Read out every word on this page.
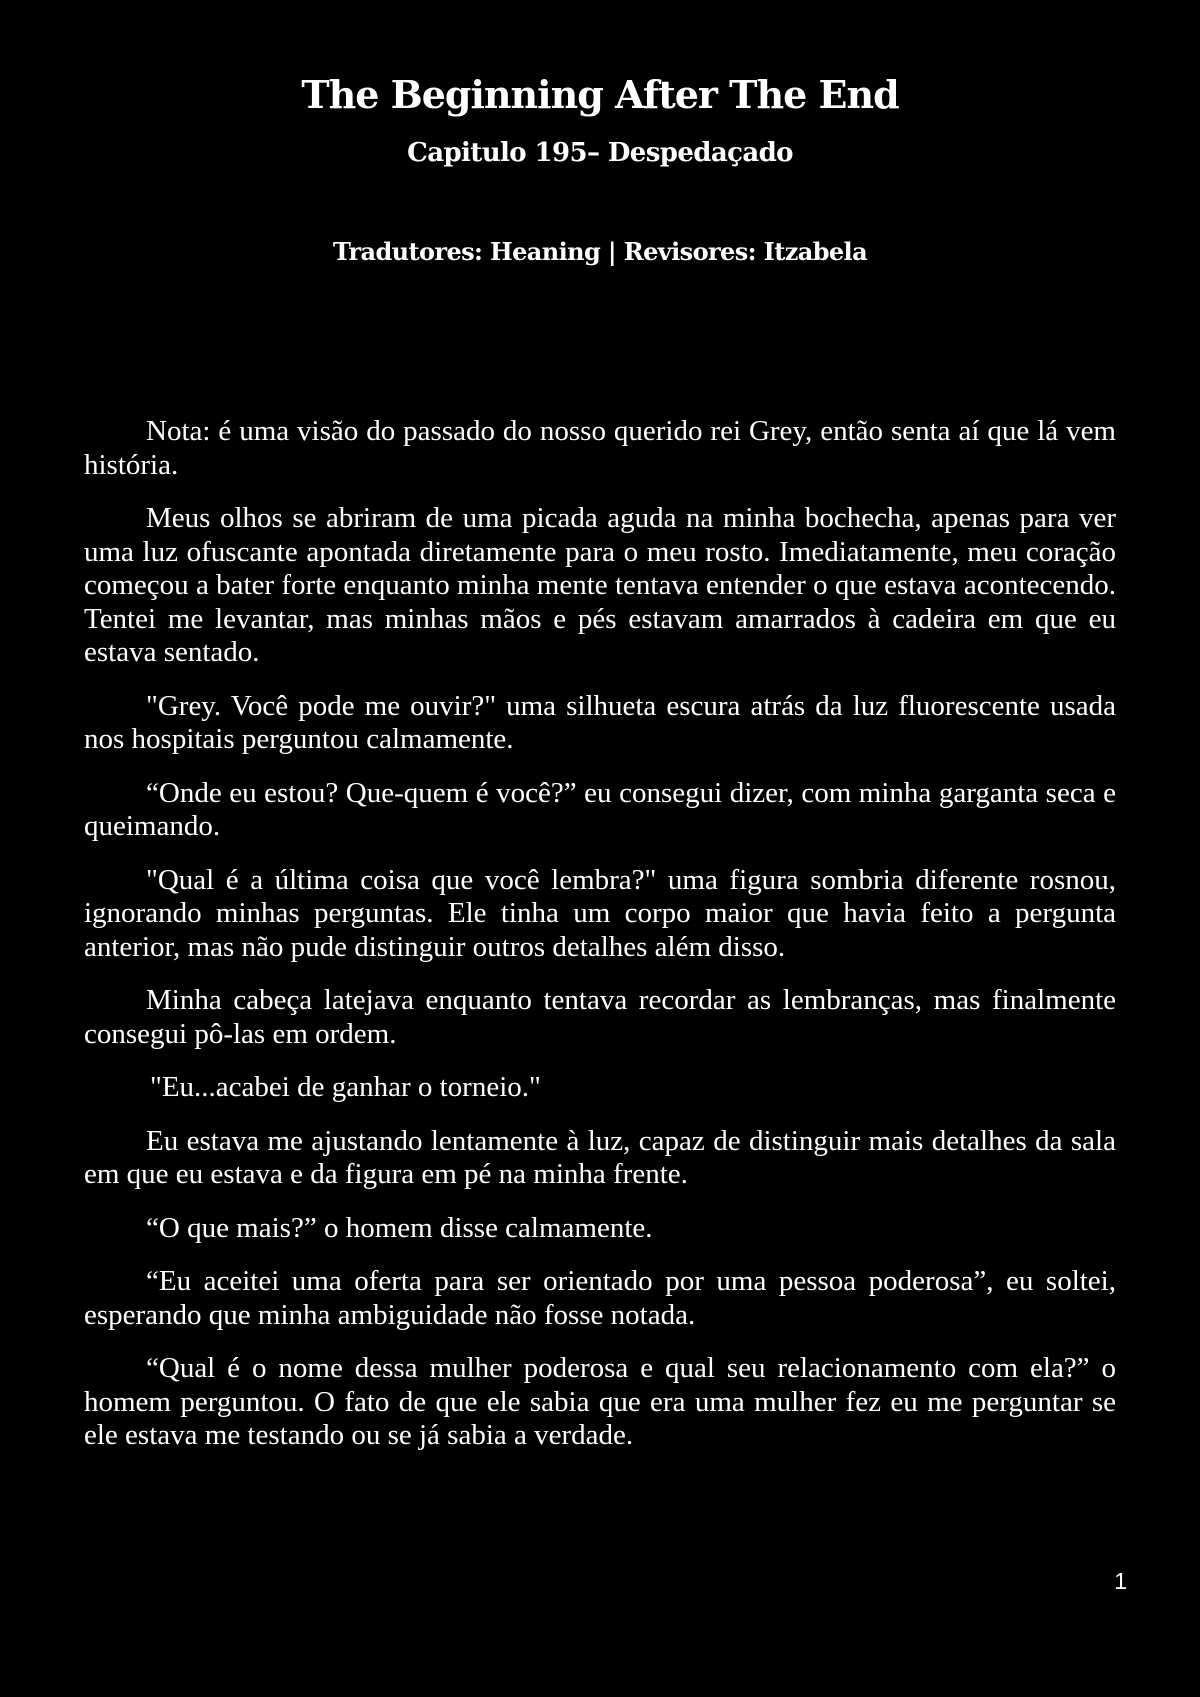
The Beginning After The End
Capitulo 195– Despedaçado
Tradutores: Heaning | Revisores: Itzabela

Nota: é uma visão do passado do nosso querido rei Grey, então senta aí que lá vem história.

Meus olhos se abriram de uma picada aguda na minha bochecha, apenas para ver uma luz ofuscante apontada diretamente para o meu rosto. Imediatamente, meu coração começou a bater forte enquanto minha mente tentava entender o que estava acontecendo. Tentei me levantar, mas minhas mãos e pés estavam amarrados à cadeira em que eu estava sentado.

"Grey. Você pode me ouvir?" uma silhueta escura atrás da luz fluorescente usada nos hospitais perguntou calmamente.

“Onde eu estou? Que-quem é você?” eu consegui dizer, com minha garganta seca e queimando.

"Qual é a última coisa que você lembra?" uma figura sombria diferente rosnou, ignorando minhas perguntas. Ele tinha um corpo maior que havia feito a pergunta anterior, mas não pude distinguir outros detalhes além disso.

Minha cabeça latejava enquanto tentava recordar as lembranças, mas finalmente consegui pô-las em ordem.

"Eu...acabei de ganhar o torneio."

Eu estava me ajustando lentamente à luz, capaz de distinguir mais detalhes da sala em que eu estava e da figura em pé na minha frente.

“O que mais?” o homem disse calmamente.

“Eu aceitei uma oferta para ser orientado por uma pessoa poderosa”, eu soltei, esperando que minha ambiguidade não fosse notada.

“Qual é o nome dessa mulher poderosa e qual seu relacionamento com ela?” o homem perguntou. O fato de que ele sabia que era uma mulher fez eu me perguntar se ele estava me testando ou se já sabia a verdade.

1
